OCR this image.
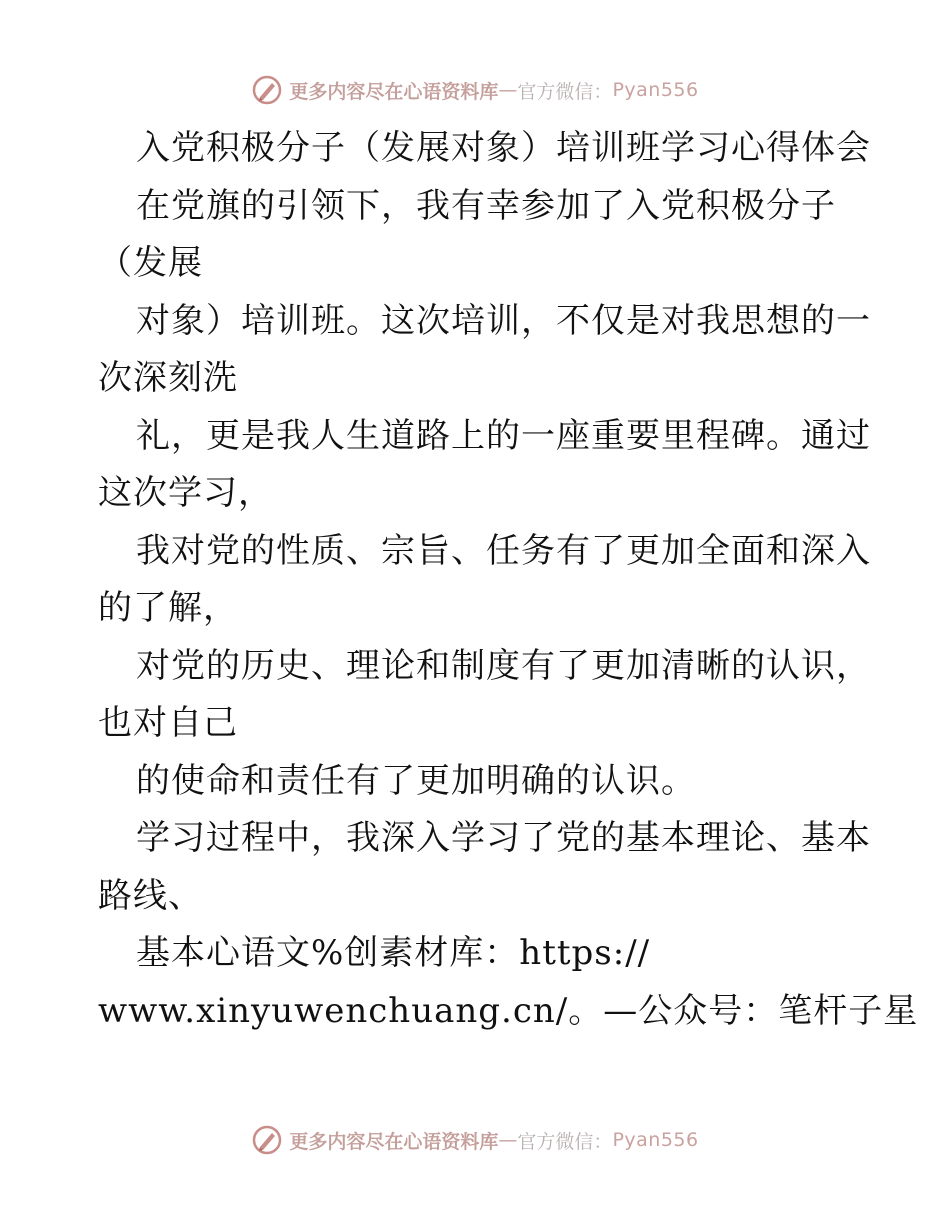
更多内容尽在心语资料库 — 官方微信： Pyan556
入党积极分子（发展对象）培训班学习心得体会
在党旗的引领下，我有幸参加了入党积极分子
（发展
对象）培训班。这次培训，不仅是对我思想的一
次深刻洗
礼，更是我人生道路上的一座重要里程碑。通过
这次学习，
我对党的性质、宗旨、任务有了更加全面和深入
的了解，
对党的历史、理论和制度有了更加清晰的认识，
也对自己
的使命和责任有了更加明确的认识。
学习过程中，我深入学习了党的基本理论、基本
路线、
基本心语文%创素材库：https://
www.xinyuwenchuang.cn/。—公众号：笔杆子星
更多内容尽在心语资料库 — 官方微信： Pyan556
